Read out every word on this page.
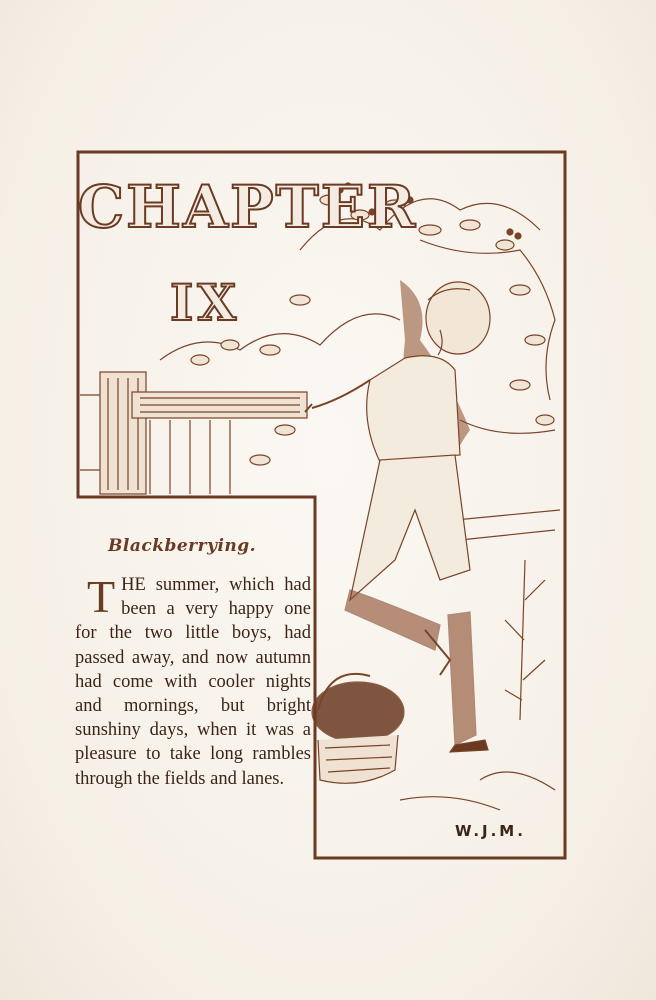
CHAPTER
IX
Blackberrying.
THE summer, which had been a very happy one for the two little boys, had passed away, and now autumn had come with cooler nights and mornings, but bright sunshiny days, when it was a pleasure to take long rambles through the fields and lanes.
W.J.M.
